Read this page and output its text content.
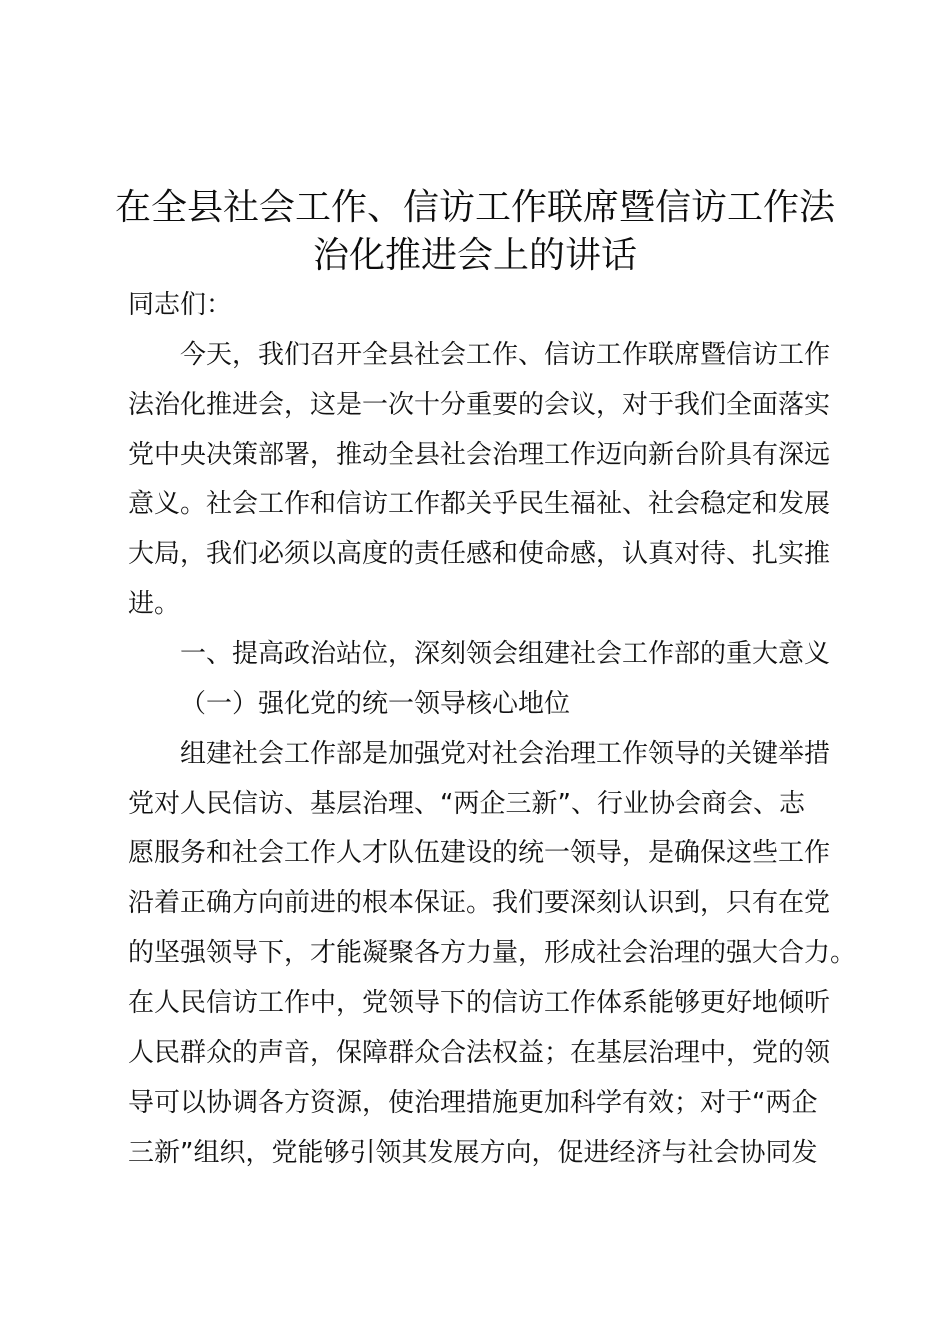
在全县社会工作、信访工作联席暨信访工作法
治化推进会上的讲话
同志们：
今天，我们召开全县社会工作、信访工作联席暨信访工作
法治化推进会，这是一次十分重要的会议，对于我们全面落实
党中央决策部署，推动全县社会治理工作迈向新台阶具有深远
意义。社会工作和信访工作都关乎民生福祉、社会稳定和发展
大局，我们必须以高度的责任感和使命感，认真对待、扎实推
进。
一、提高政治站位，深刻领会组建社会工作部的重大意义
（一）强化党的统一领导核心地位
组建社会工作部是加强党对社会治理工作领导的关键举措
党对人民信访、基层治理、“两企三新”、行业协会商会、志
愿服务和社会工作人才队伍建设的统一领导，是确保这些工作
沿着正确方向前进的根本保证。我们要深刻认识到，只有在党
的坚强领导下，才能凝聚各方力量，形成社会治理的强大合力。
在人民信访工作中，党领导下的信访工作体系能够更好地倾听
人民群众的声音，保障群众合法权益；在基层治理中，党的领
导可以协调各方资源，使治理措施更加科学有效；对于“两企
三新”组织，党能够引领其发展方向，促进经济与社会协同发
